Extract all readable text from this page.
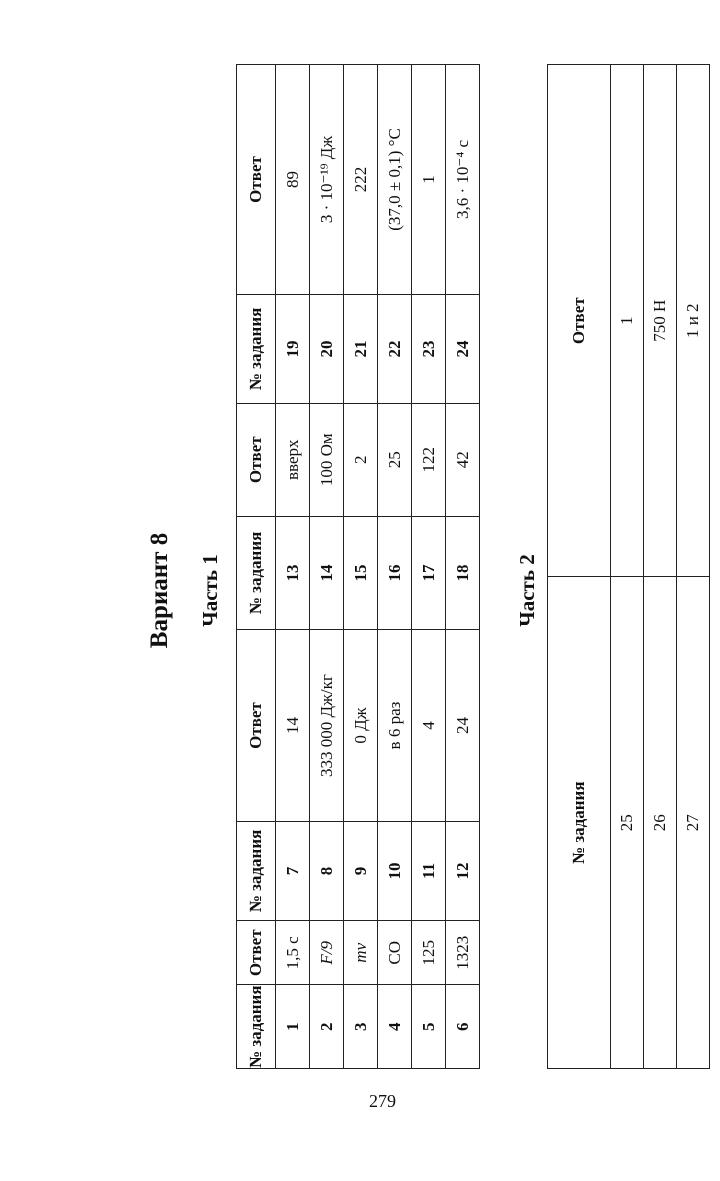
Вариант 8 Часть 1
№ задания	Ответ	№ задания	Ответ	№ задания	Ответ	№ задания	Ответ
1	1,5 с	7	14	13	вверх	19	89
2	F/9	8	333 000 Дж/кг	14	100 Ом	20	3 · 10⁻¹⁹ Дж
3	mv	9	0 Дж	15	2	21	222
4	CO	10	в 6 раз	16	25	22	(37,0 ± 0,1) °С
5	125	11	4	17	122	23	1
6	1323	12	24	18	42	24	3,6 · 10⁻⁴ с
Часть 2
№ задания	Ответ
25	1
26	750 Н
27	1 и 2
279
